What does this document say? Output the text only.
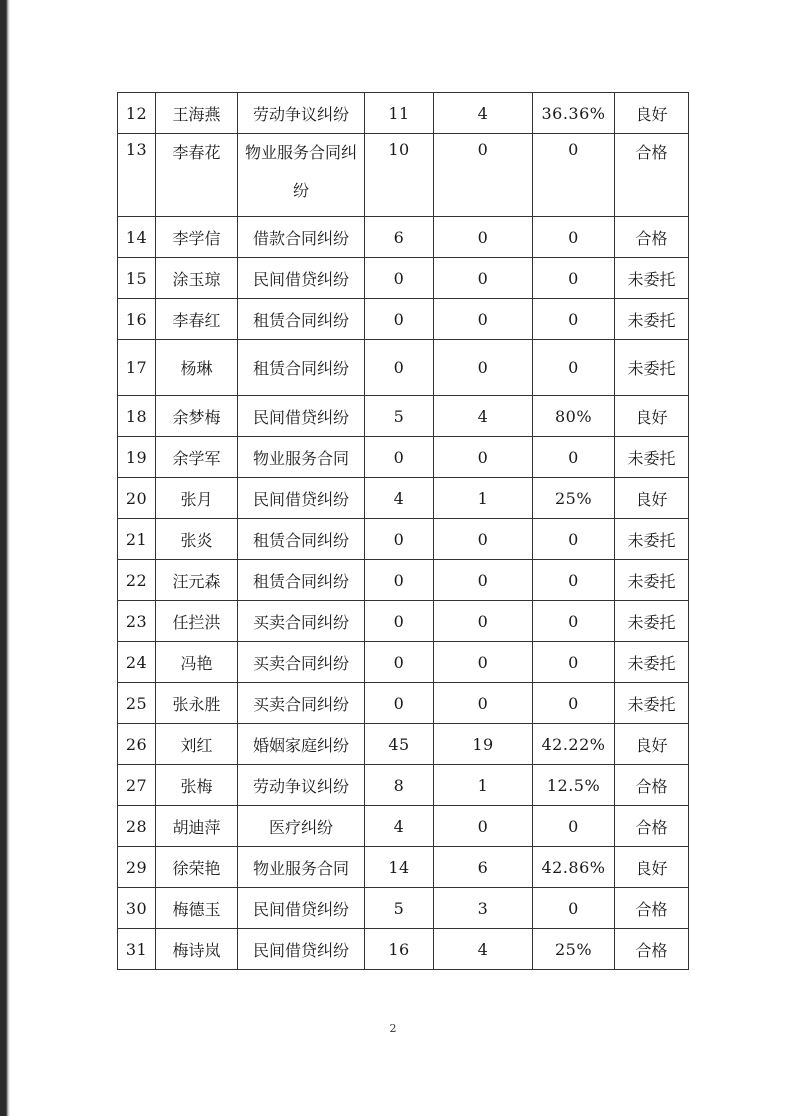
12	王海燕	劳动争议纠纷	11	4	36.36%	良好
13	李春花	物业服务合同纠纷	10	0	0	合格
14	李学信	借款合同纠纷	6	0	0	合格
15	涂玉琼	民间借贷纠纷	0	0	0	未委托
16	李春红	租赁合同纠纷	0	0	0	未委托
17	杨琳	租赁合同纠纷	0	0	0	未委托
18	余梦梅	民间借贷纠纷	5	4	80%	良好
19	余学军	物业服务合同	0	0	0	未委托
20	张月	民间借贷纠纷	4	1	25%	良好
21	张炎	租赁合同纠纷	0	0	0	未委托
22	汪元森	租赁合同纠纷	0	0	0	未委托
23	任拦洪	买卖合同纠纷	0	0	0	未委托
24	冯艳	买卖合同纠纷	0	0	0	未委托
25	张永胜	买卖合同纠纷	0	0	0	未委托
26	刘红	婚姻家庭纠纷	45	19	42.22%	良好
27	张梅	劳动争议纠纷	8	1	12.5%	合格
28	胡迪萍	医疗纠纷	4	0	0	合格
29	徐荣艳	物业服务合同	14	6	42.86%	良好
30	梅德玉	民间借贷纠纷	5	3	0	合格
31	梅诗岚	民间借贷纠纷	16	4	25%	合格
2
